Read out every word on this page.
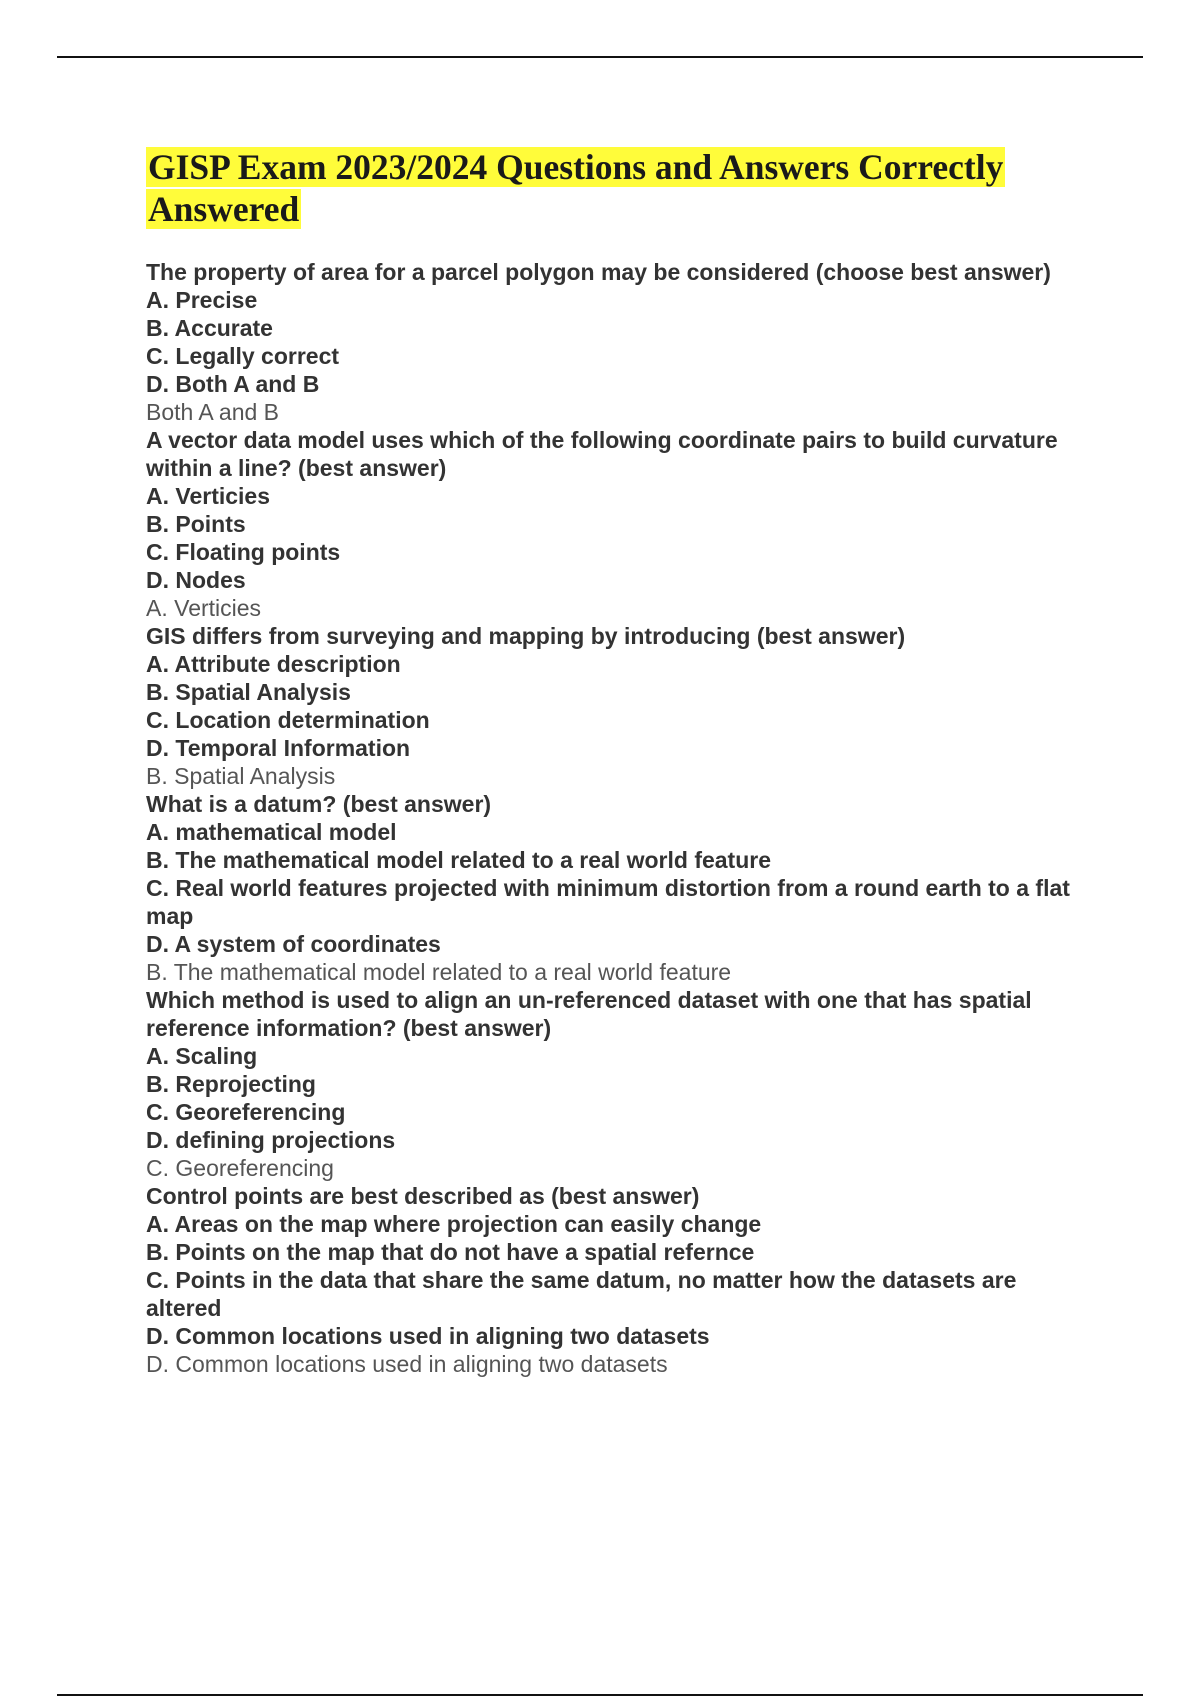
GISP Exam 2023/2024 Questions and Answers Correctly Answered

The property of area for a parcel polygon may be considered (choose best answer)

A. Precise

B. Accurate

C. Legally correct

D. Both A and B

Both A and B

A vector data model uses which of the following coordinate pairs to build curvature within a line? (best answer)

A. Verticies

B. Points

C. Floating points

D. Nodes

A. Verticies

GIS differs from surveying and mapping by introducing (best answer)

A. Attribute description

B. Spatial Analysis

C. Location determination

D. Temporal Information

B. Spatial Analysis

What is a datum? (best answer)

A. mathematical model

B. The mathematical model related to a real world feature

C. Real world features projected with minimum distortion from a round earth to a flat map

D. A system of coordinates

B. The mathematical model related to a real world feature

Which method is used to align an un-referenced dataset with one that has spatial reference information? (best answer)

A. Scaling

B. Reprojecting

C. Georeferencing

D. defining projections

C. Georeferencing

Control points are best described as (best answer)

A. Areas on the map where projection can easily change

B. Points on the map that do not have a spatial refernce

C. Points in the data that share the same datum, no matter how the datasets are altered

D. Common locations used in aligning two datasets

D. Common locations used in aligning two datasets
